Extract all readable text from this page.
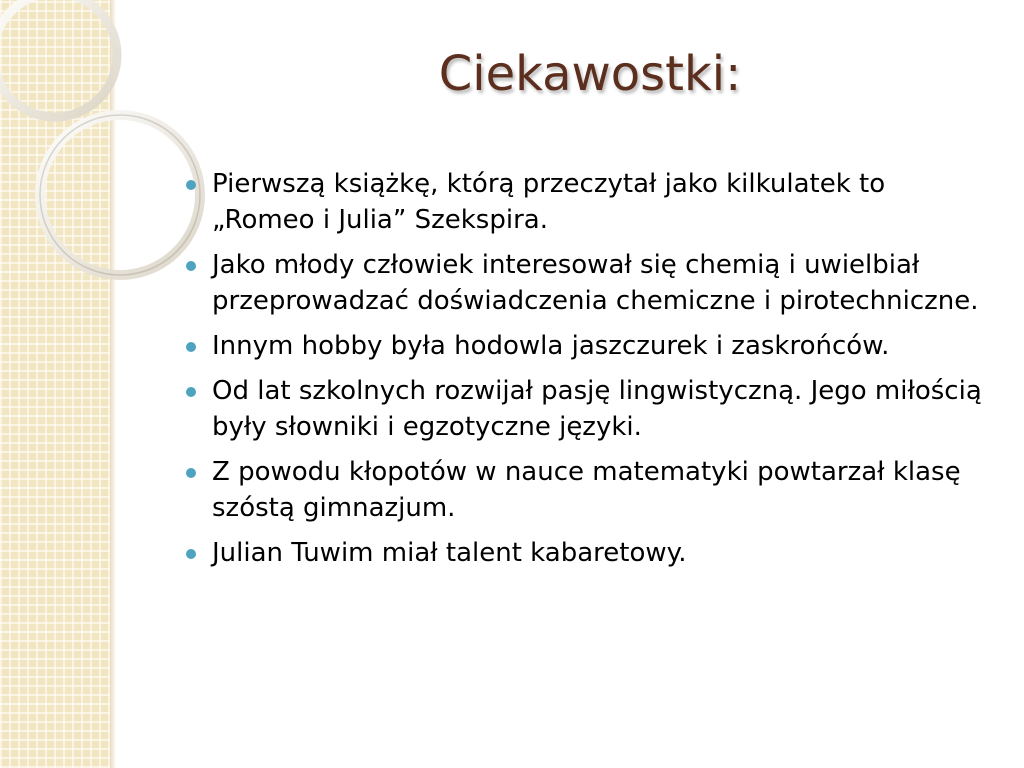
Ciekawostki:
Pierwszą książkę, którą przeczytał jako kilkulatek to „Romeo i Julia” Szekspira.
Jako młody człowiek interesował się chemią i uwielbiał przeprowadzać doświadczenia chemiczne i pirotechniczne.
Innym hobby była hodowla jaszczurek i zaskrońców.
Od lat szkolnych rozwijał pasję lingwistyczną. Jego miłością były słowniki i egzotyczne języki.
Z powodu kłopotów w nauce matematyki powtarzał klasę szóstą gimnazjum.
Julian Tuwim miał talent kabaretowy.
